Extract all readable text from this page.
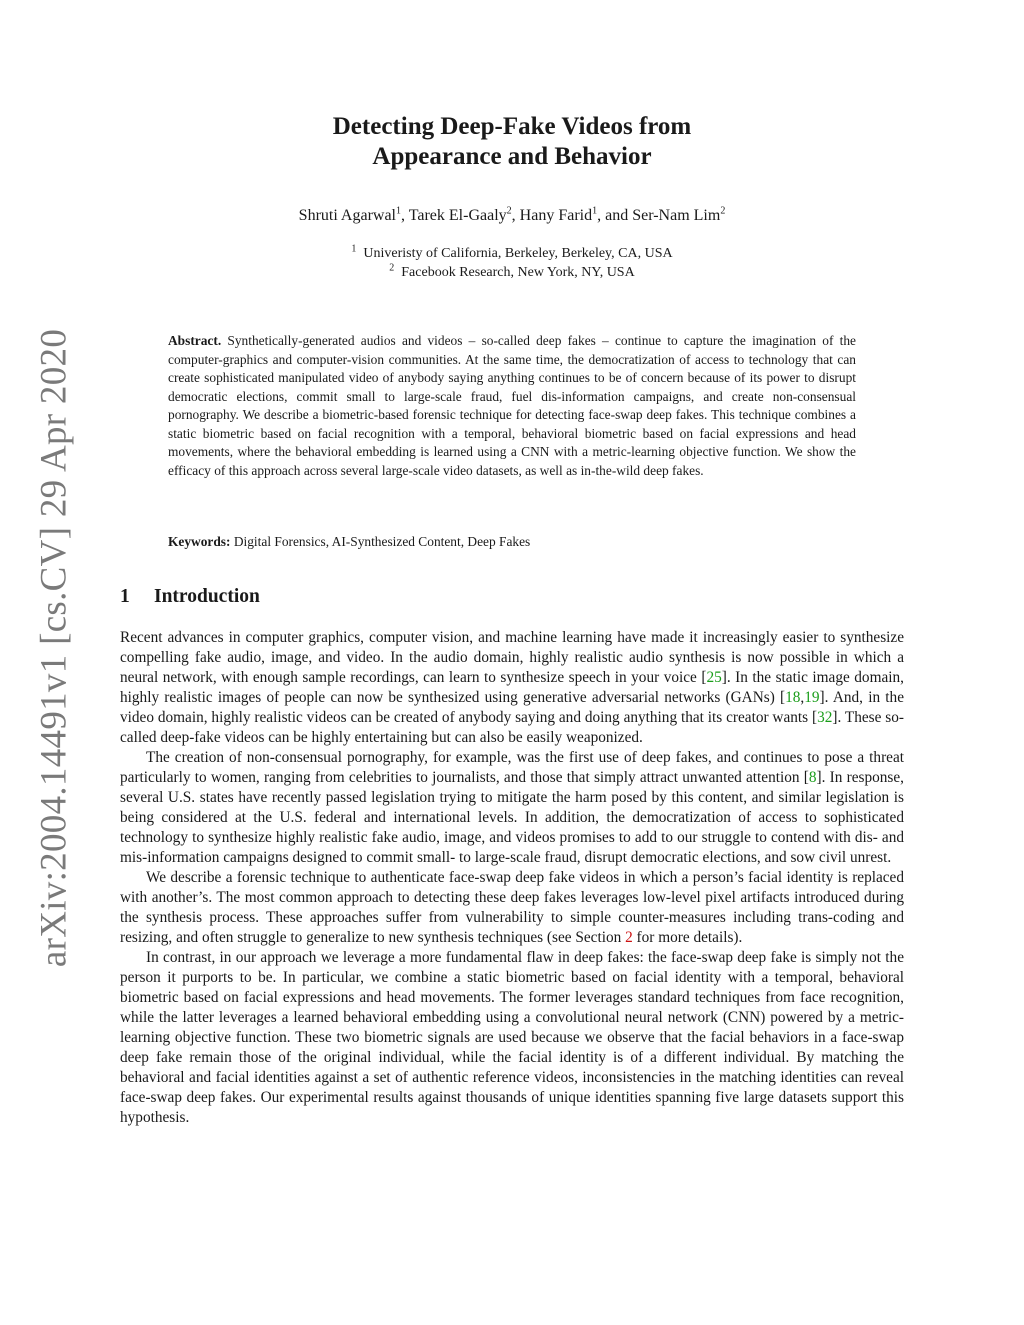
arXiv:2004.14491v1 [cs.CV] 29 Apr 2020
Detecting Deep-Fake Videos from
Appearance and Behavior
Shruti Agarwal$^1$, Tarek El-Gaaly$^2$, Hany Farid$^1$, and Ser-Nam Lim$^2$
$^1$ Univeristy of California, Berkeley, Berkeley, CA, USA
$^2$ Facebook Research, New York, NY, USA
Abstract. Synthetically-generated audios and videos – so-called deep fakes – continue to capture the imagination of the computer-graphics and computer-vision communities. At the same time, the democratization of access to technology that can create sophisticated manipulated video of anybody saying anything continues to be of concern because of its power to disrupt democratic elections, commit small to large-scale fraud, fuel dis-information campaigns, and create non-consensual pornography. We describe a biometric-based forensic technique for detecting face-swap deep fakes. This technique combines a static biometric based on facial recognition with a temporal, behavioral biometric based on facial expressions and head movements, where the behavioral embedding is learned using a CNN with a metric-learning objective function. We show the efficacy of this approach across several large-scale video datasets, as well as in-the-wild deep fakes.
Keywords: Digital Forensics, AI-Synthesized Content, Deep Fakes
1 Introduction

Recent advances in computer graphics, computer vision, and machine learning have made it increasingly easier to synthesize compelling fake audio, image, and video. In the audio domain, highly realistic audio synthesis is now possible in which a neural network, with enough sample recordings, can learn to synthesize speech in your voice [25]. In the static image domain, highly realistic images of people can now be synthesized using generative adversarial networks (GANs) [18,19]. And, in the video domain, highly realistic videos can be created of anybody saying and doing anything that its creator wants [32]. These so-called deep-fake videos can be highly entertaining but can also be easily weaponized.

The creation of non-consensual pornography, for example, was the first use of deep fakes, and continues to pose a threat particularly to women, ranging from celebrities to journalists, and those that simply attract unwanted attention [8]. In response, several U.S. states have recently passed legislation trying to mitigate the harm posed by this content, and similar legislation is being considered at the U.S. federal and international levels. In addition, the democratization of access to sophisticated technology to synthesize highly realistic fake audio, image, and videos promises to add to our struggle to contend with dis- and mis-information campaigns designed to commit small- to large-scale fraud, disrupt democratic elections, and sow civil unrest.

We describe a forensic technique to authenticate face-swap deep fake videos in which a person’s facial identity is replaced with another’s. The most common approach to detecting these deep fakes leverages low-level pixel artifacts introduced during the synthesis process. These approaches suffer from vulnerability to simple counter-measures including trans-coding and resizing, and often struggle to generalize to new synthesis techniques (see Section 2 for more details).

In contrast, in our approach we leverage a more fundamental flaw in deep fakes: the face-swap deep fake is simply not the person it purports to be. In particular, we combine a static biometric based on facial identity with a temporal, behavioral biometric based on facial expressions and head movements. The former leverages standard techniques from face recognition, while the latter leverages a learned behavioral embedding using a convolutional neural network (CNN) powered by a metric-learning objective function. These two biometric signals are used because we observe that the facial behaviors in a face-swap deep fake remain those of the original individual, while the facial identity is of a different individual. By matching the behavioral and facial identities against a set of authentic reference videos, inconsistencies in the matching identities can reveal face-swap deep fakes. Our experimental results against thousands of unique identities spanning five large datasets support this hypothesis.
